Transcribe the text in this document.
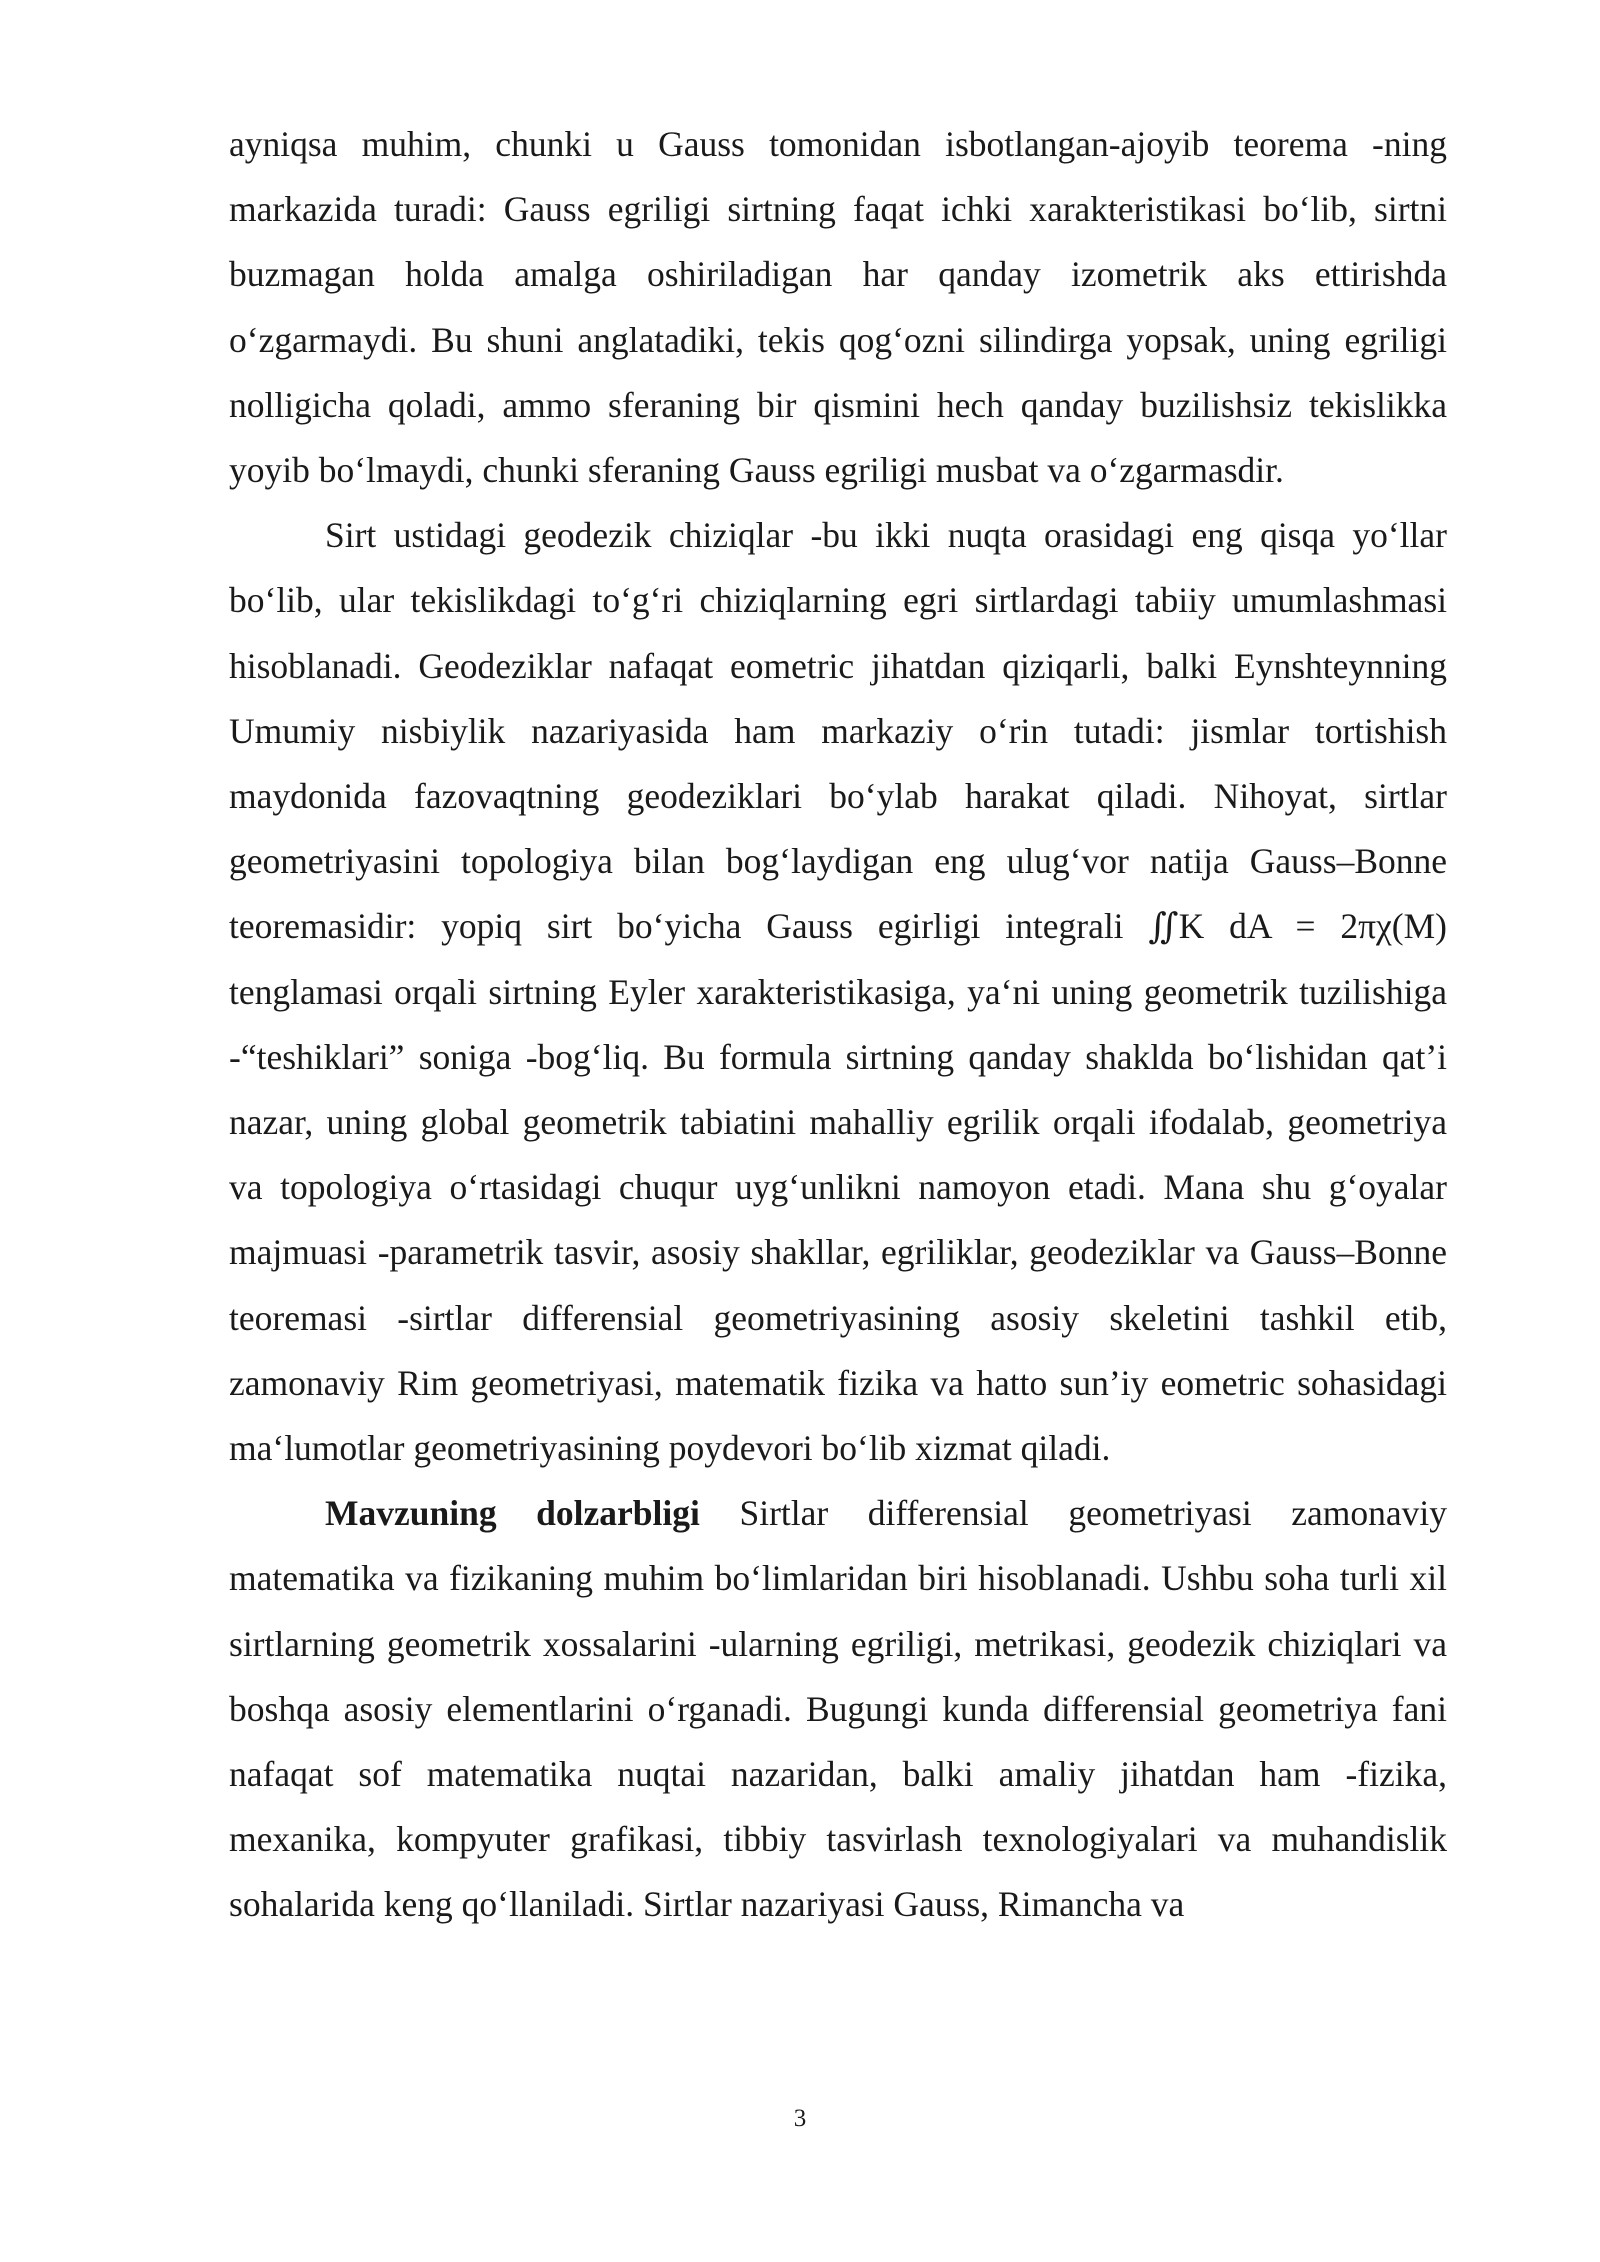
ayniqsa muhim, chunki u Gauss tomonidan isbotlangan-ajoyib teorema -ning markazida turadi: Gauss egriligi sirtning faqat ichki xarakteristikasi bo‘lib, sirtni buzmagan holda amalga oshiriladigan har qanday izometrik aks ettirishda o‘zgarmaydi. Bu shuni anglatadiki, tekis qog‘ozni silindirga yopsak, uning egriligi nolligicha qoladi, ammo sferaning bir qismini hech qanday buzilishsiz tekislikka yoyib bo‘lmaydi, chunki sferaning Gauss egriligi musbat va o‘zgarmasdir.

Sirt ustidagi geodezik chiziqlar -bu ikki nuqta orasidagi eng qisqa yo‘llar bo‘lib, ular tekislikdagi to‘g‘ri chiziqlarning egri sirtlardagi tabiiy umumlashmasi hisoblanadi. Geodeziklar nafaqat eometric jihatdan qiziqarli, balki Eynshteynning Umumiy nisbiylik nazariyasida ham markaziy o‘rin tutadi: jismlar tortishish maydonida fazovaqtning geodeziklari bo‘ylab harakat qiladi. Nihoyat, sirtlar geometriyasini topologiya bilan bog‘laydigan eng ulug‘vor natija Gauss–Bonne teoremasidir: yopiq sirt bo‘yicha Gauss egirligi integrali ∬K dA = 2πχ(M) tenglamasi orqali sirtning Eyler xarakteristikasiga, ya‘ni uning geometrik tuzilishiga -“teshiklari” soniga -bog‘liq. Bu formula sirtning qanday shaklda bo‘lishidan qat’i nazar, uning global geometrik tabiatini mahalliy egrilik orqali ifodalab, geometriya va topologiya o‘rtasidagi chuqur uyg‘unlikni namoyon etadi. Mana shu g‘oyalar majmuasi -parametrik tasvir, asosiy shakllar, egriliklar, geodeziklar va Gauss–Bonne teoremasi -sirtlar differensial geometriyasining asosiy skeletini tashkil etib, zamonaviy Rim geometriyasi, matematik fizika va hatto sun’iy eometric sohasidagi ma‘lumotlar geometriyasining poydevori bo‘lib xizmat qiladi.

Mavzuning dolzarbligi Sirtlar differensial geometriyasi zamonaviy matematika va fizikaning muhim bo‘limlaridan biri hisoblanadi. Ushbu soha turli xil sirtlarning geometrik xossalarini -ularning egriligi, metrikasi, geodezik chiziqlari va boshqa asosiy elementlarini o‘rganadi. Bugungi kunda differensial geometriya fani nafaqat sof matematika nuqtai nazaridan, balki amaliy jihatdan ham -fizika, mexanika, kompyuter grafikasi, tibbiy tasvirlash texnologiyalari va muhandislik sohalarida keng qo‘llaniladi. Sirtlar nazariyasi Gauss, Rimancha va

3
